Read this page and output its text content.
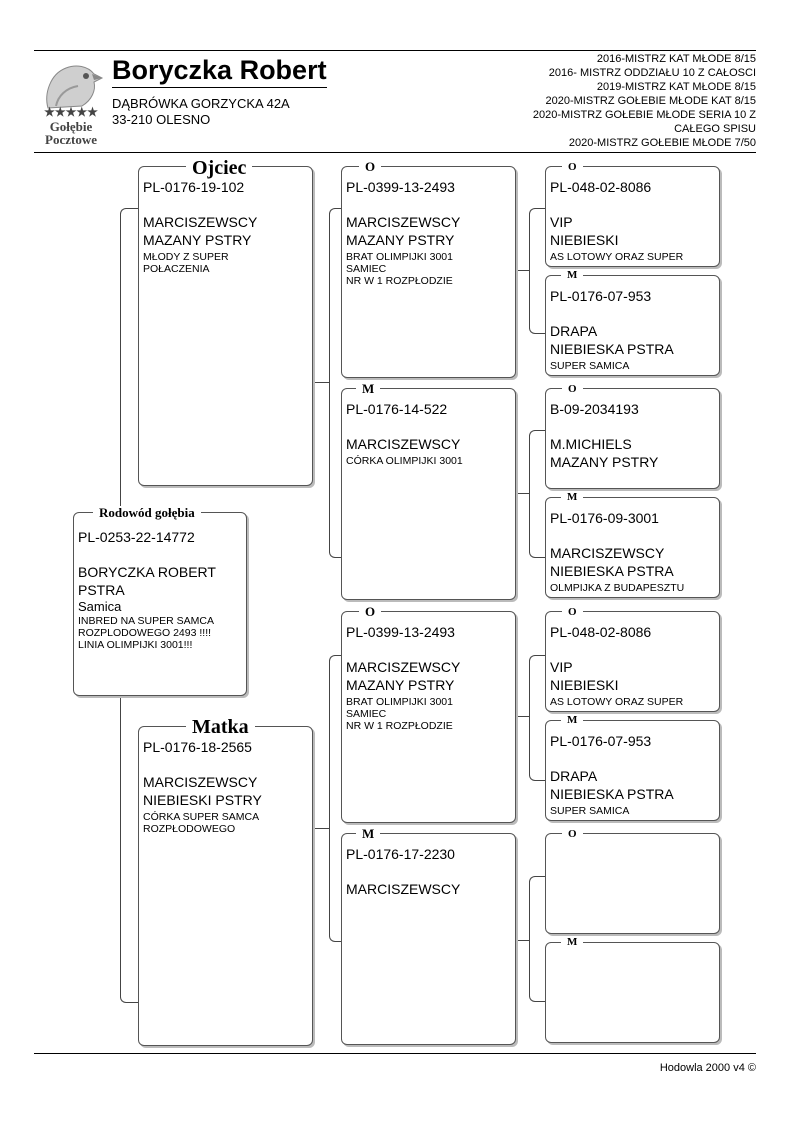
★★★★★
Gołębie
Pocztowe
Boryczka Robert
DĄBRÓWKA GORZYCKA 42A
33-210 OLESNO
2016-MISTRZ KAT MŁODE 8/15
2016- MISTRZ ODDZIAŁU 10 Z CAŁOSCI
2019-MISTRZ KAT MŁODE 8/15
2020-MISTRZ GOŁEBIE MŁODE KAT 8/15
2020-MISTRZ GOŁEBIE MŁODE SERIA 10 Z
CAŁEGO SPISU
2020-MISTRZ GOŁEBIE MŁODE 7/50
PL-0253-22-14772
BORYCZKA ROBERT
PSTRA
Samica
INBRED NA SUPER SAMCA
ROZPLODOWEGO 2493 !!!!
LINIA OLIMPIJKI 3001!!!
Rodowód gołębia
PL-0176-19-102
MARCISZEWSCY
MAZANY PSTRY
MŁODY Z SUPER
POŁACZENIA
Ojciec
PL-0176-18-2565
MARCISZEWSCY
NIEBIESKI PSTRY
CÓRKA SUPER SAMCA
ROZPŁODOWEGO
Matka
PL-0399-13-2493
MARCISZEWSCY
MAZANY PSTRY
BRAT OLIMPIJKI 3001
SAMIEC
NR W 1 ROZPŁODZIE
O
PL-0176-14-522
MARCISZEWSCY
CÓRKA OLIMPIJKI 3001
M
PL-0399-13-2493
MARCISZEWSCY
MAZANY PSTRY
BRAT OLIMPIJKI 3001
SAMIEC
NR W 1 ROZPŁODZIE
O
PL-0176-17-2230
MARCISZEWSCY
M
PL-048-02-8086
VIP
NIEBIESKI
AS LOTOWY ORAZ SUPER
O
PL-0176-07-953
DRAPA
NIEBIESKA PSTRA
SUPER SAMICA
M
B-09-2034193
M.MICHIELS
MAZANY PSTRY
O
PL-0176-09-3001
MARCISZEWSCY
NIEBIESKA PSTRA
OLMPIJKA Z BUDAPESZTU
M
PL-048-02-8086
VIP
NIEBIESKI
AS LOTOWY ORAZ SUPER
O
PL-0176-07-953
DRAPA
NIEBIESKA PSTRA
SUPER SAMICA
M
O
M
Hodowla 2000 v4 ©
